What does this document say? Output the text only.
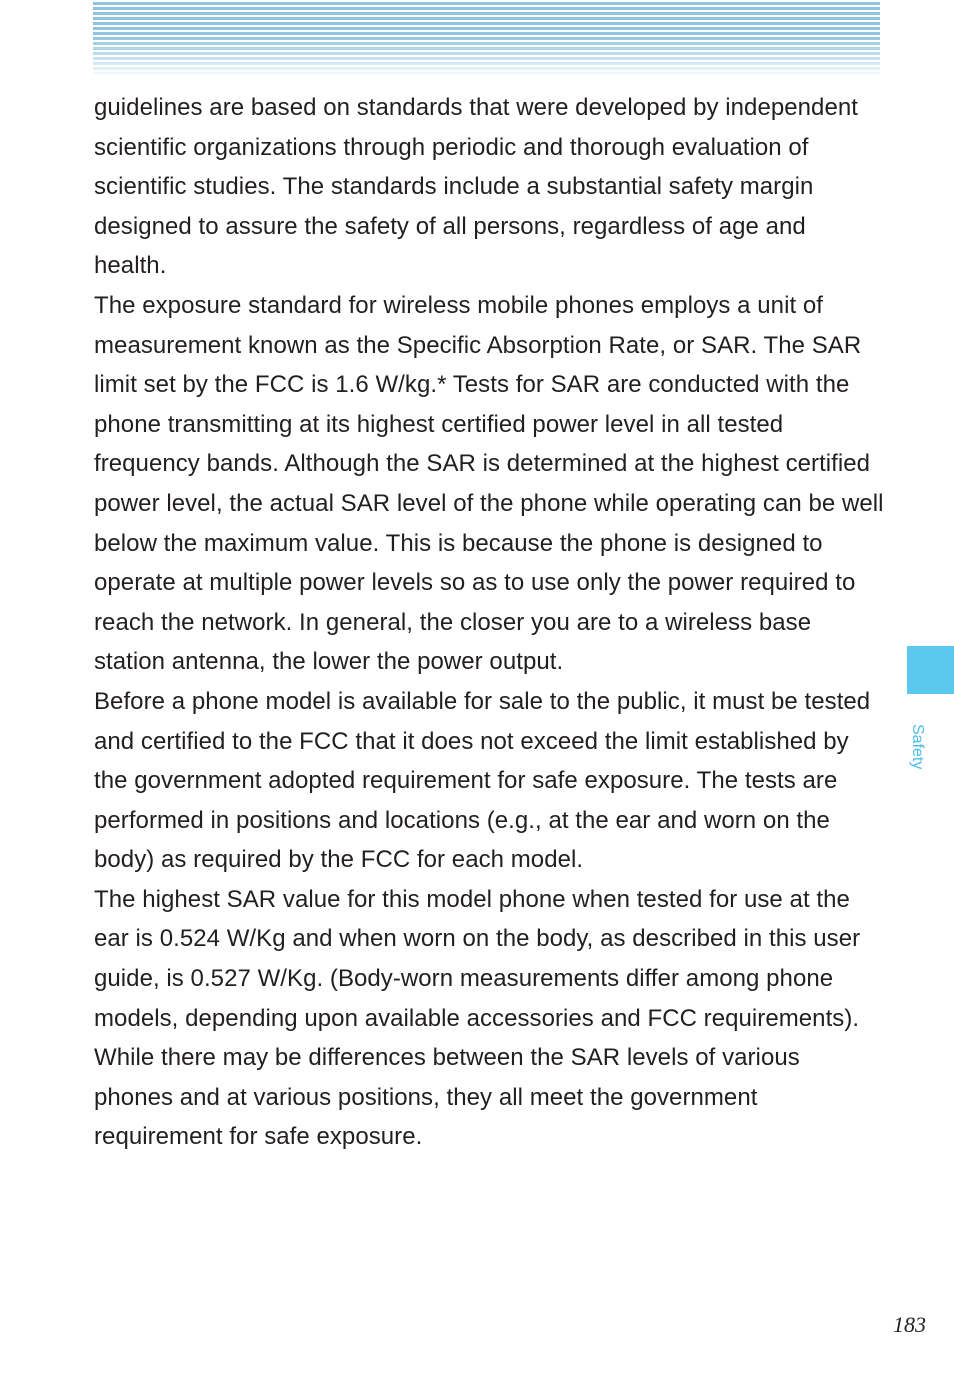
guidelines are based on standards that were developed by independent scientific organizations through periodic and thorough evaluation of scientific studies. The standards include a substantial safety margin designed to assure the safety of all persons, regardless of age and health.

The exposure standard for wireless mobile phones employs a unit of measurement known as the Specific Absorption Rate, or SAR. The SAR limit set by the FCC is 1.6 W/kg.* Tests for SAR are conducted with the phone transmitting at its highest certified power level in all tested frequency bands. Although the SAR is determined at the highest certified power level, the actual SAR level of the phone while operating can be well below the maximum value. This is because the phone is designed to operate at multiple power levels so as to use only the power required to reach the network. In general, the closer you are to a wireless base station antenna, the lower the power output.

Before a phone model is available for sale to the public, it must be tested and certified to the FCC that it does not exceed the limit established by the government adopted requirement for safe exposure. The tests are performed in positions and locations (e.g., at the ear and worn on the body) as required by the FCC for each model.

The highest SAR value for this model phone when tested for use at the ear is 0.524 W/Kg and when worn on the body, as described in this user guide, is 0.527 W/Kg. (Body-worn measurements differ among phone models, depending upon available accessories and FCC requirements). While there may be differences between the SAR levels of various phones and at various positions, they all meet the government requirement for safe exposure.

Safety
183
